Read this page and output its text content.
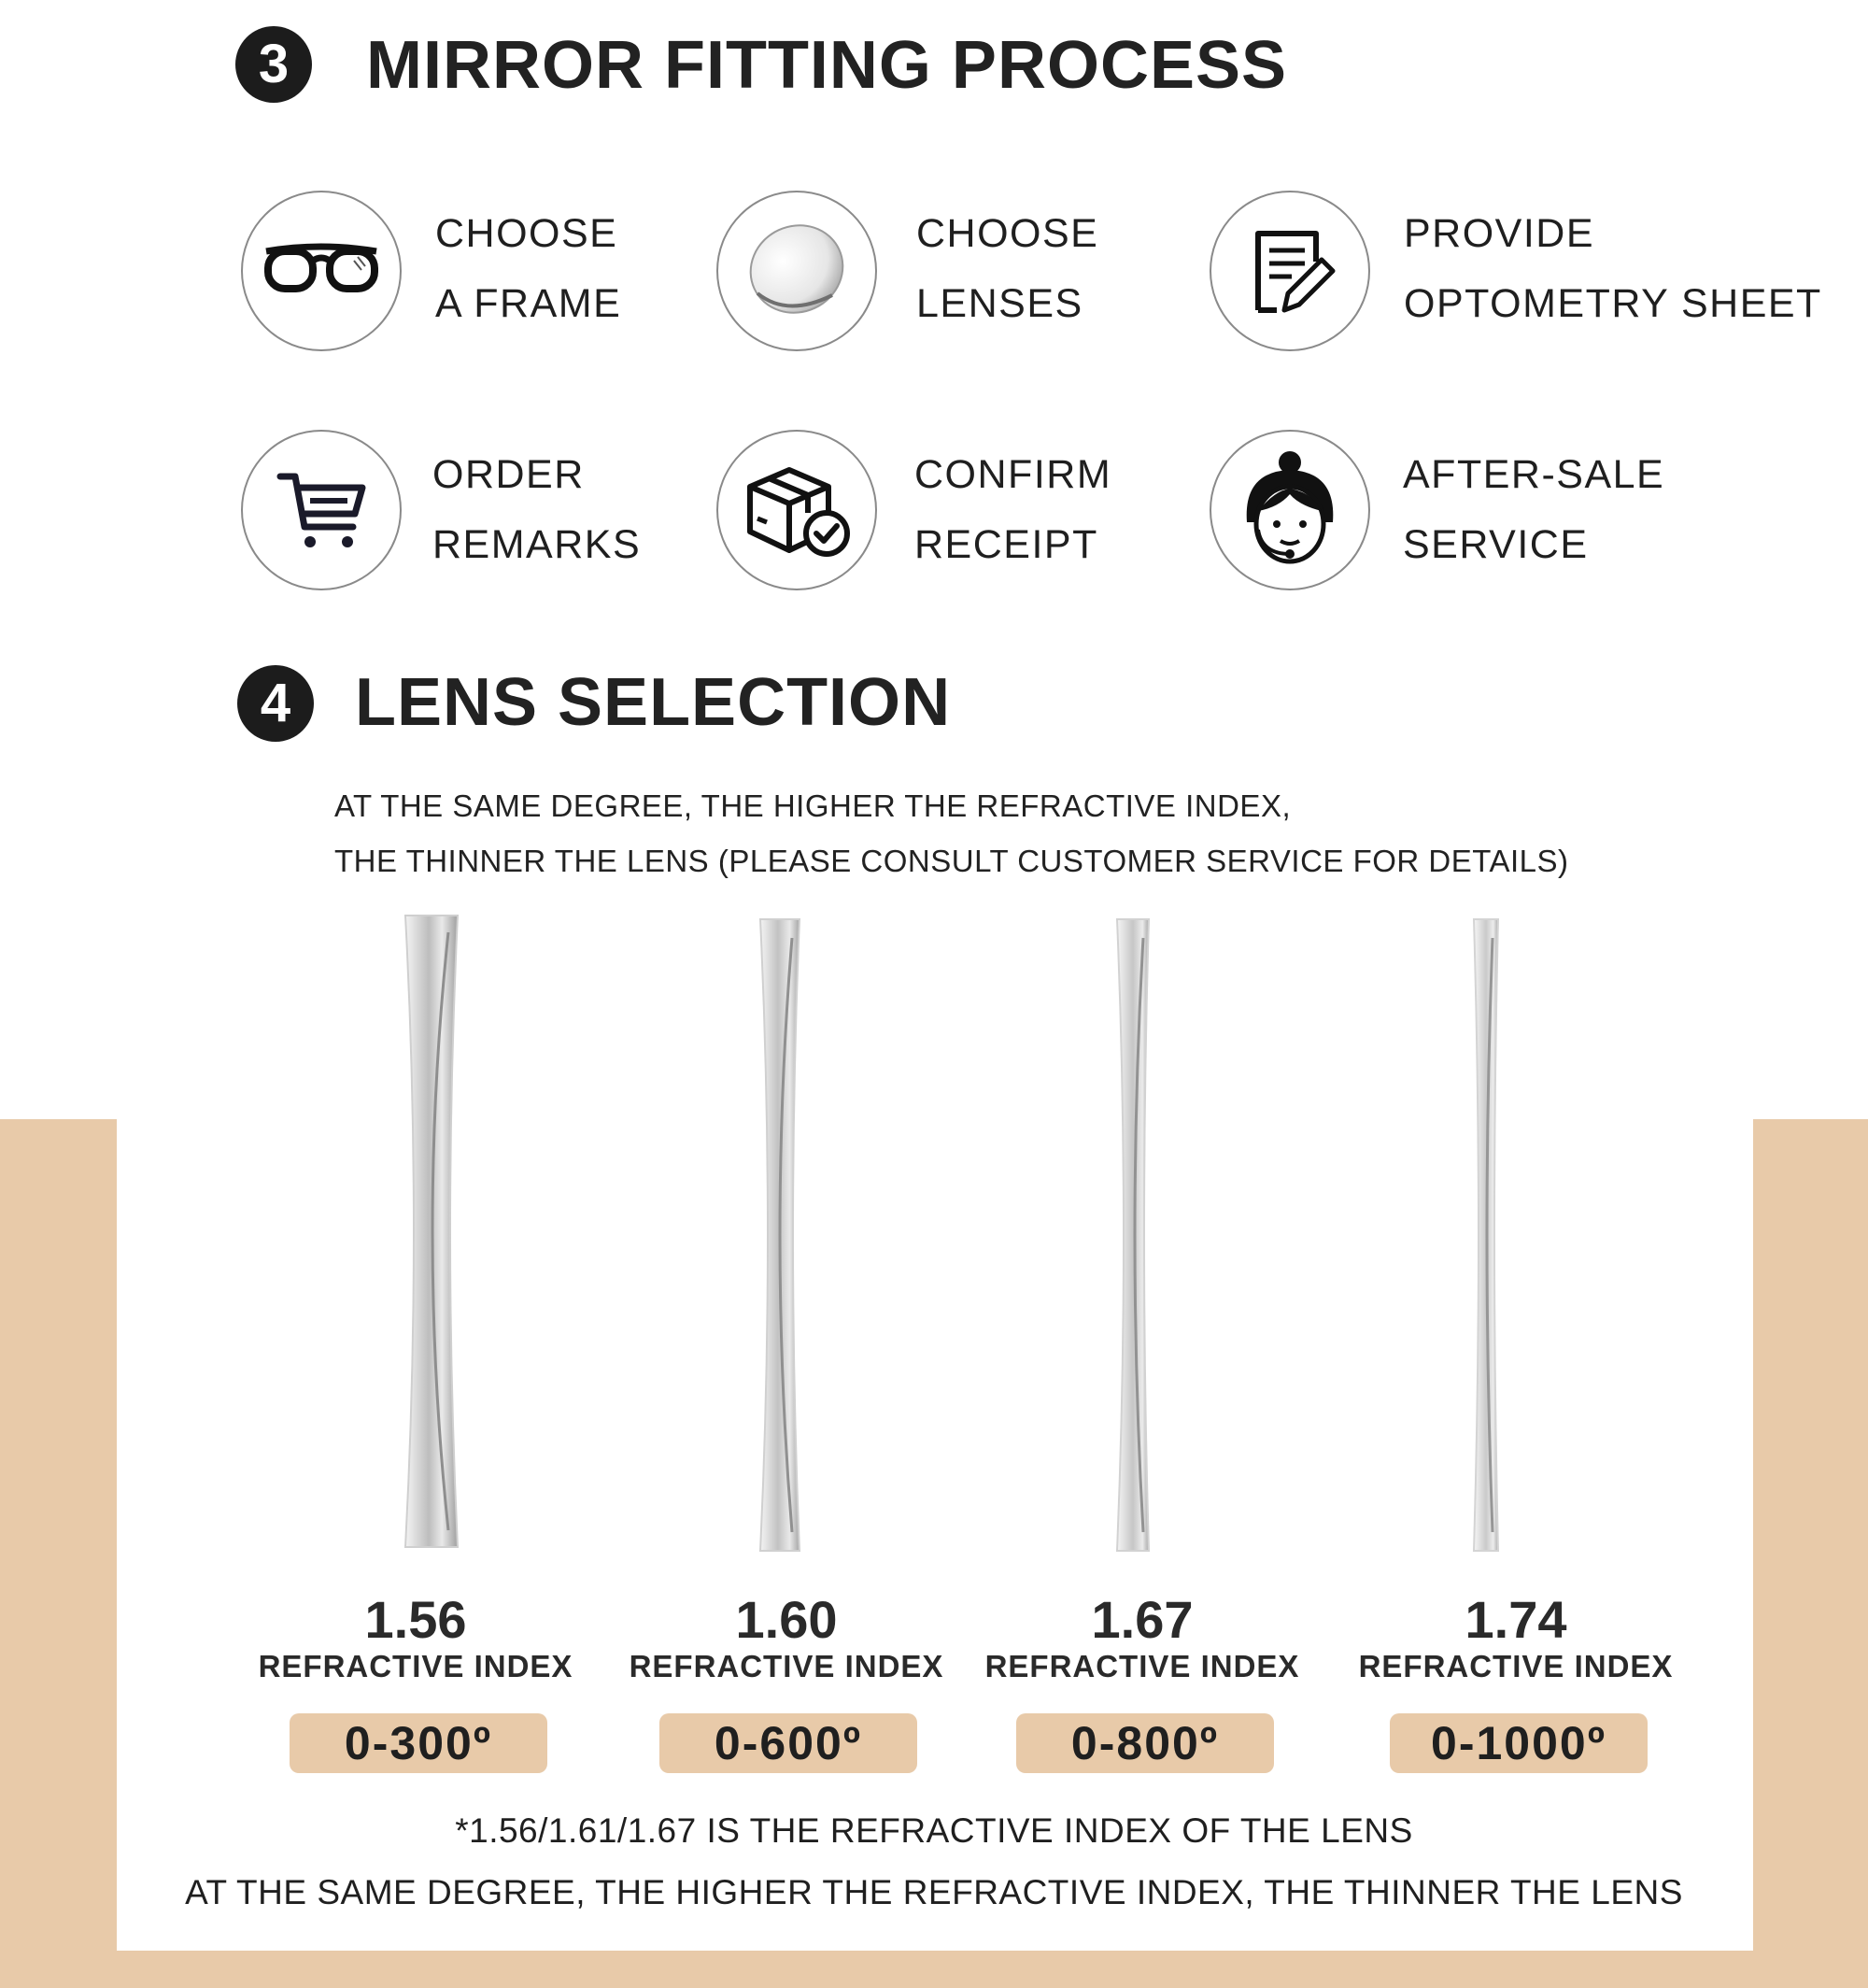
3	MIRROR FITTING PROCESS
CHOOSE
A FRAME
CHOOSE
LENSES
PROVIDE
OPTOMETRY SHEET
ORDER
REMARKS
CONFIRM
RECEIPT
AFTER-SALE
SERVICE
4 LENS SELECTION
AT THE SAME DEGREE, THE HIGHER THE REFRACTIVE INDEX,
THE THINNER THE LENS (PLEASE CONSULT CUSTOMER SERVICE FOR DETAILS)
1.56
REFRACTIVE INDEX
0-300º
1.60
REFRACTIVE INDEX
0-600º
1.67
REFRACTIVE INDEX
0-800º
1.74
REFRACTIVE INDEX
0-1000º
*1.56/1.61/1.67 IS THE REFRACTIVE INDEX OF THE LENS
AT THE SAME DEGREE, THE HIGHER THE REFRACTIVE INDEX, THE THINNER THE LENS
